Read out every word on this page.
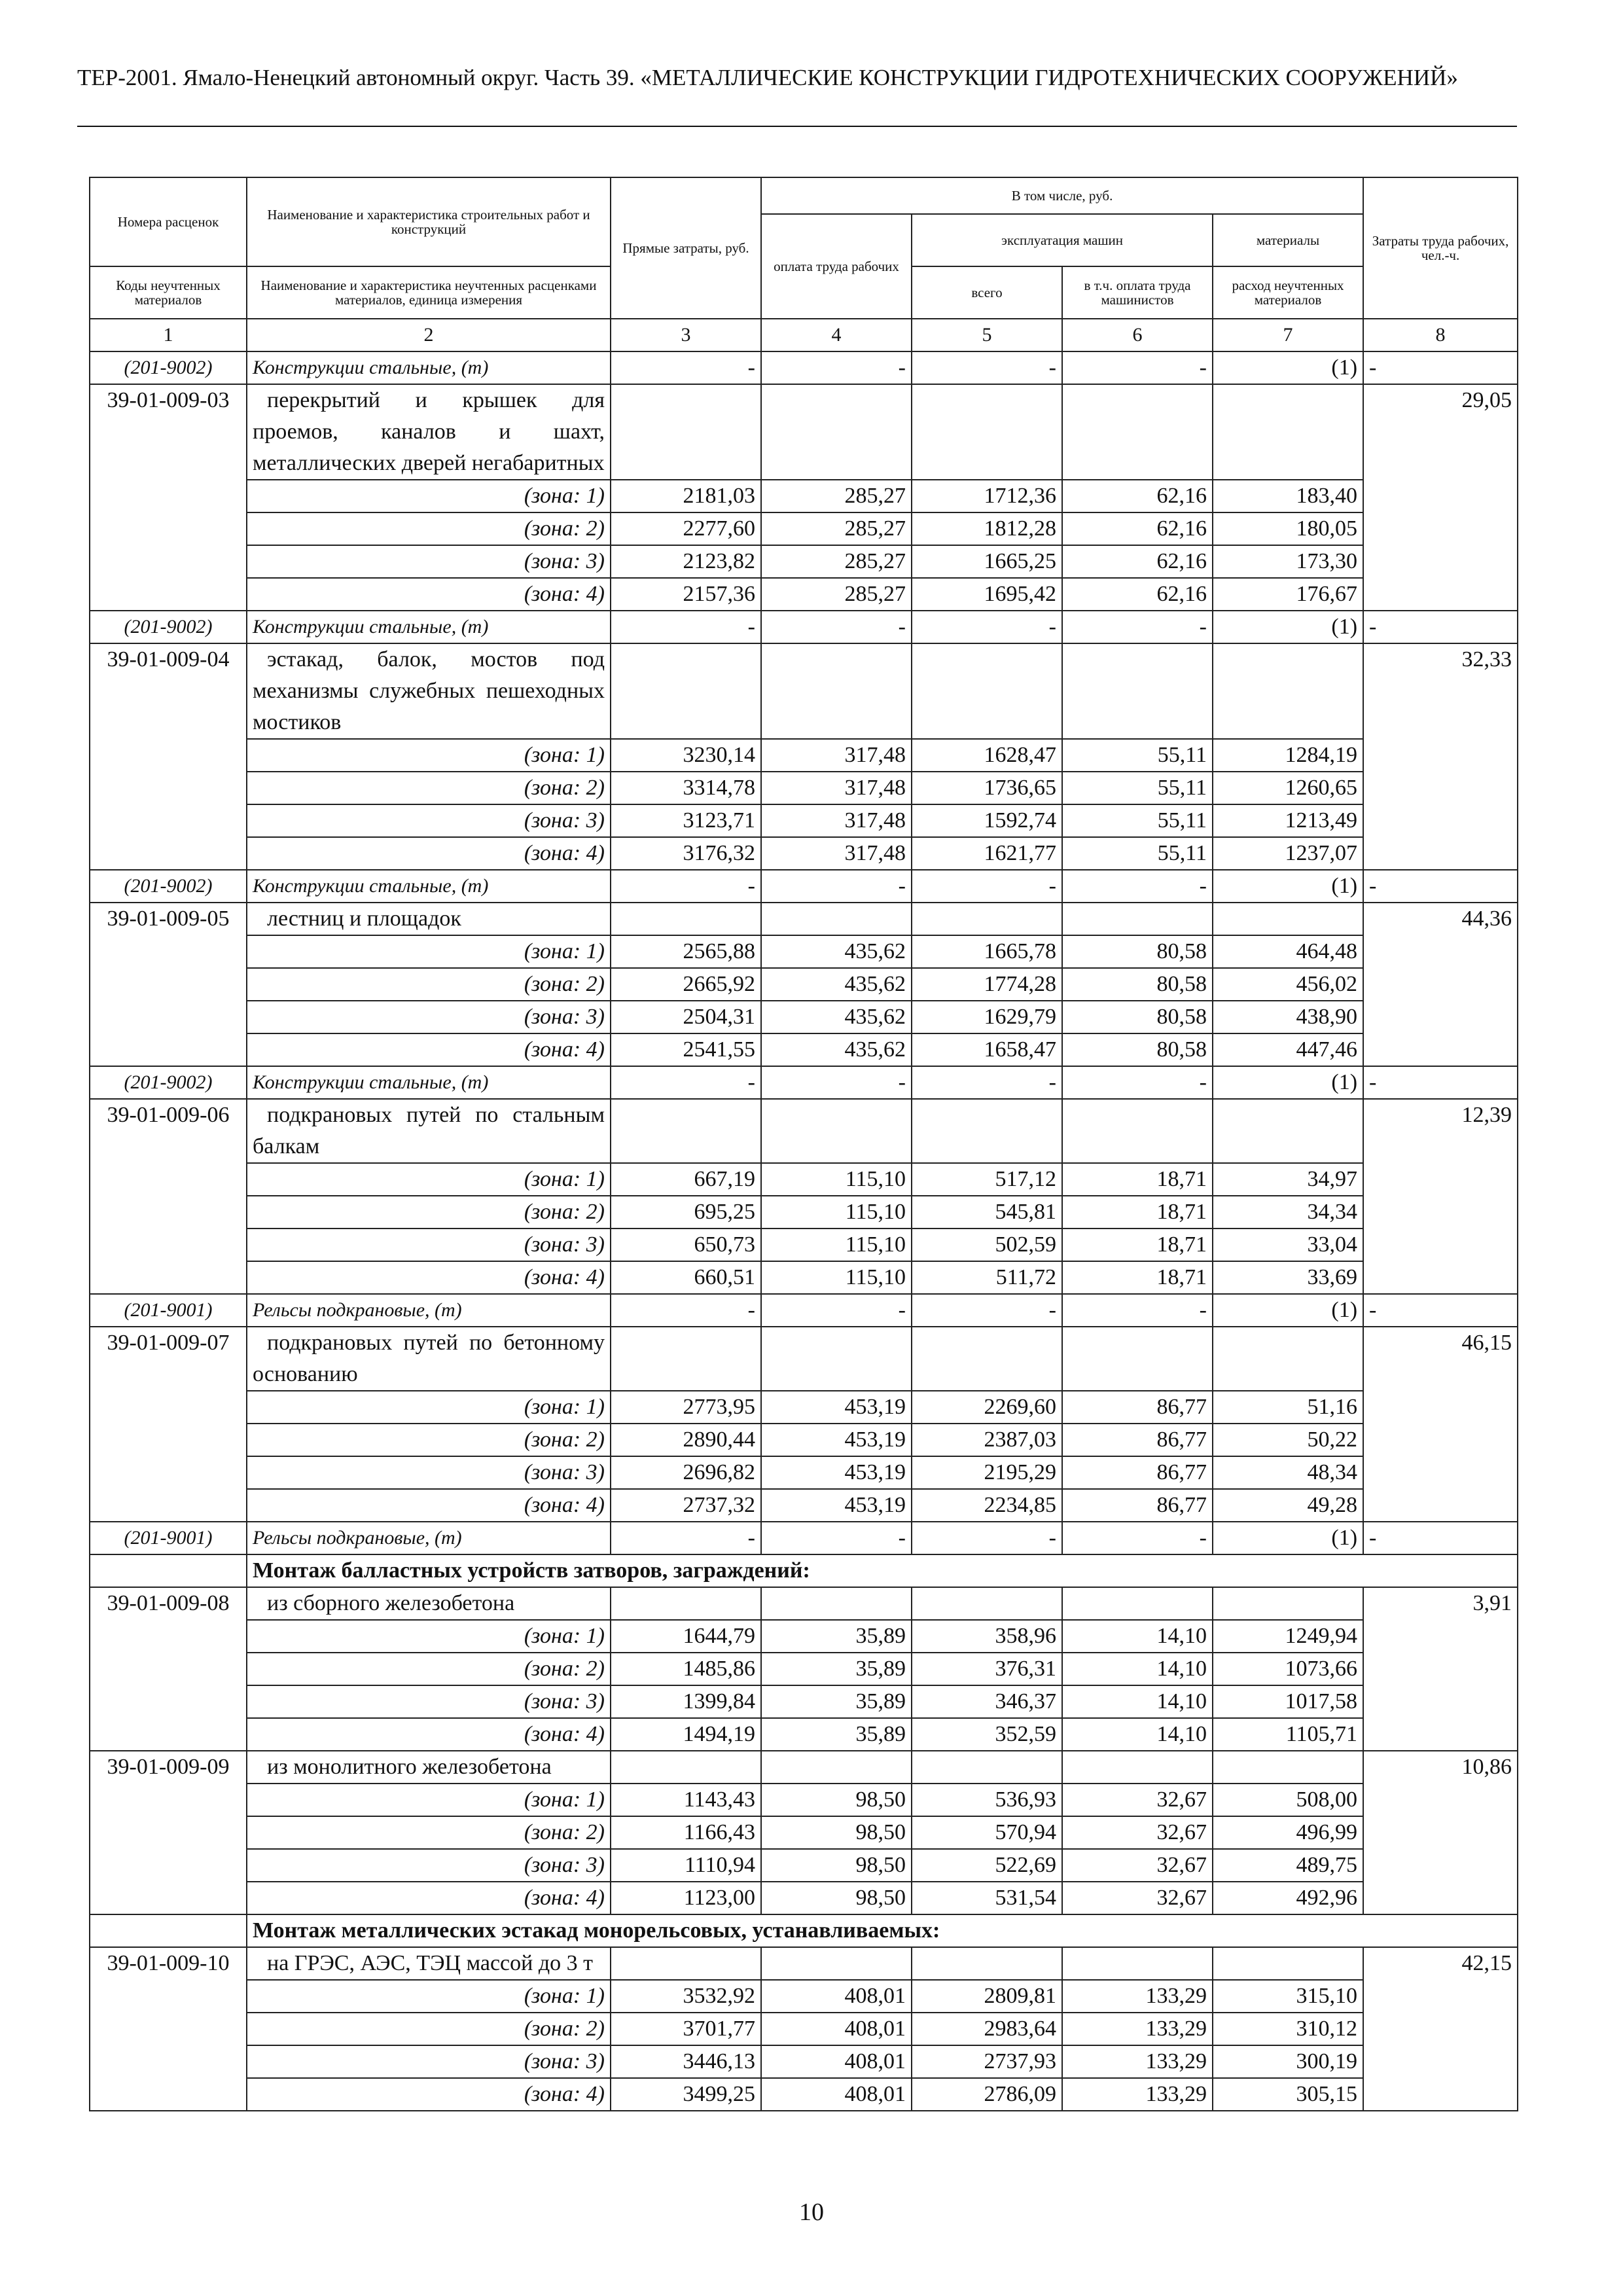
ТЕР-2001. Ямало-Ненецкий автономный округ. Часть 39. «МЕТАЛЛИЧЕСКИЕ КОНСТРУКЦИИ ГИДРОТЕХНИЧЕСКИХ СООРУЖЕНИЙ»
Номера расценок	Наименование и характеристика строительных работ и конструкций	Прямые затраты, руб.	В том числе, руб.				Затраты труда рабочих, чел.-ч.
			оплата труда рабочих	эксплуатация машин		материалы	

Коды неучтенных материалов	Наименование и характеристика неучтенных расценками материалов, единица измерения			всего	в т.ч. оплата труда машинистов	расход неучтенных материалов	

1	2	3	4	5	6	7	8
(201-9002)	Конструкции стальные, (т)	-	-	-	-	(1)	-
39-01-009-03	перекрытий и крышек для проемов, каналов и шахт, металлических дверей негабаритных						29,05
	(зона: 1)	2181,03	285,27	1712,36	62,16	183,40	
	(зона: 2)	2277,60	285,27	1812,28	62,16	180,05	
	(зона: 3)	2123,82	285,27	1665,25	62,16	173,30	
	(зона: 4)	2157,36	285,27	1695,42	62,16	176,67	
(201-9002)	Конструкции стальные, (т)	-	-	-	-	(1)	-
39-01-009-04	эстакад, балок, мостов под механизмы служебных пешеходных мостиков						32,33
	(зона: 1)	3230,14	317,48	1628,47	55,11	1284,19	
	(зона: 2)	3314,78	317,48	1736,65	55,11	1260,65	
	(зона: 3)	3123,71	317,48	1592,74	55,11	1213,49	
	(зона: 4)	3176,32	317,48	1621,77	55,11	1237,07	
(201-9002)	Конструкции стальные, (т)	-	-	-	-	(1)	-
39-01-009-05	лестниц и площадок						44,36
	(зона: 1)	2565,88	435,62	1665,78	80,58	464,48	
	(зона: 2)	2665,92	435,62	1774,28	80,58	456,02	
	(зона: 3)	2504,31	435,62	1629,79	80,58	438,90	
	(зона: 4)	2541,55	435,62	1658,47	80,58	447,46	
(201-9002)	Конструкции стальные, (т)	-	-	-	-	(1)	-
39-01-009-06	подкрановых путей по стальным балкам						12,39
	(зона: 1)	667,19	115,10	517,12	18,71	34,97	
	(зона: 2)	695,25	115,10	545,81	18,71	34,34	
	(зона: 3)	650,73	115,10	502,59	18,71	33,04	
	(зона: 4)	660,51	115,10	511,72	18,71	33,69	
(201-9001)	Рельсы подкрановые, (т)	-	-	-	-	(1)	-
39-01-009-07	подкрановых путей по бетонному основанию						46,15
	(зона: 1)	2773,95	453,19	2269,60	86,77	51,16	
	(зона: 2)	2890,44	453,19	2387,03	86,77	50,22	
	(зона: 3)	2696,82	453,19	2195,29	86,77	48,34	
	(зона: 4)	2737,32	453,19	2234,85	86,77	49,28	
(201-9001)	Рельсы подкрановые, (т)	-	-	-	-	(1)	-
	Монтаж балластных устройств затворов, заграждений:						
39-01-009-08	из сборного железобетона						3,91
	(зона: 1)	1644,79	35,89	358,96	14,10	1249,94	
	(зона: 2)	1485,86	35,89	376,31	14,10	1073,66	
	(зона: 3)	1399,84	35,89	346,37	14,10	1017,58	
	(зона: 4)	1494,19	35,89	352,59	14,10	1105,71	
39-01-009-09	из монолитного железобетона						10,86
	(зона: 1)	1143,43	98,50	536,93	32,67	508,00	
	(зона: 2)	1166,43	98,50	570,94	32,67	496,99	
	(зона: 3)	1110,94	98,50	522,69	32,67	489,75	
	(зона: 4)	1123,00	98,50	531,54	32,67	492,96	
	Монтаж металлических эстакад монорельсовых, устанавливаемых:						
39-01-009-10	на ГРЭС, АЭС, ТЭЦ массой до 3 т						42,15
	(зона: 1)	3532,92	408,01	2809,81	133,29	315,10	
	(зона: 2)	3701,77	408,01	2983,64	133,29	310,12	
	(зона: 3)	3446,13	408,01	2737,93	133,29	300,19	
	(зона: 4)	3499,25	408,01	2786,09	133,29	305,15	
10
